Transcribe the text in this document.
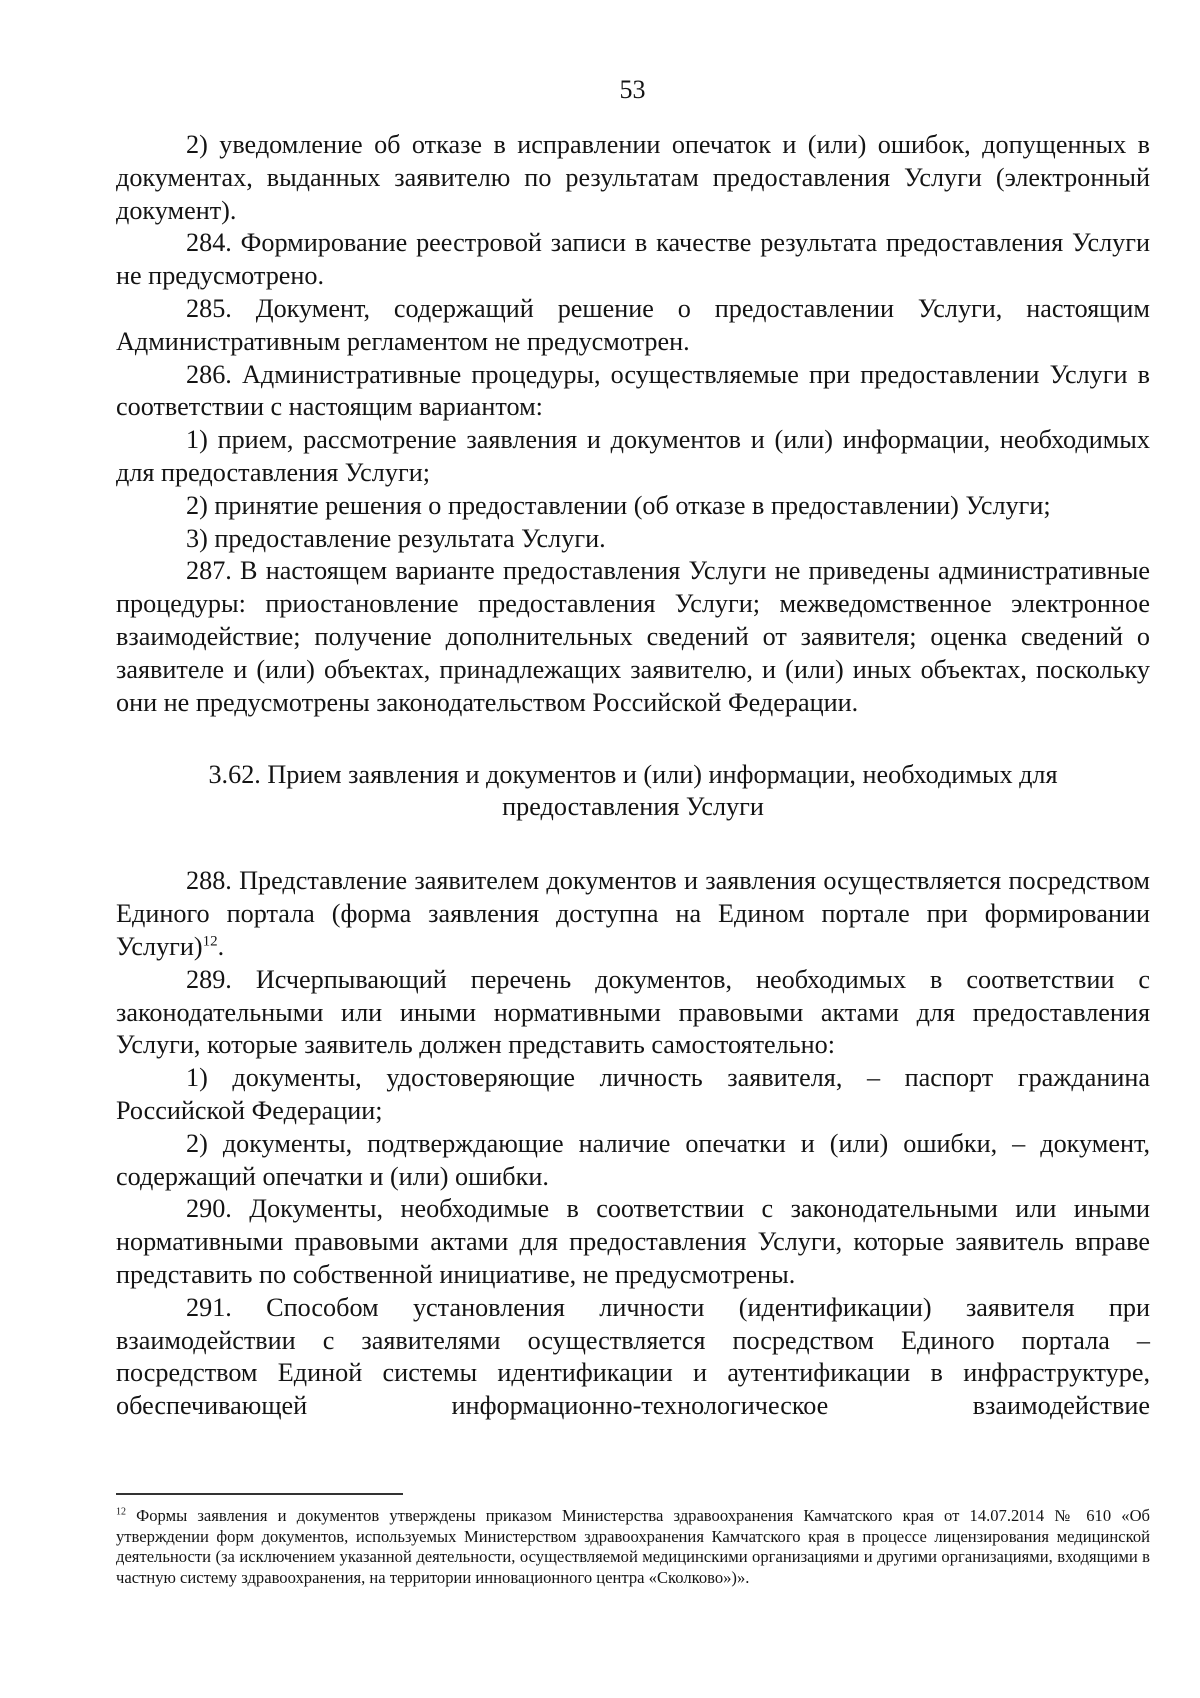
53

2) уведомление об отказе в исправлении опечаток и (или) ошибок, допущенных в документах, выданных заявителю по результатам предоставления Услуги (электронный документ).

284. Формирование реестровой записи в качестве результата предоставления Услуги не предусмотрено.

285. Документ, содержащий решение о предоставлении Услуги, настоящим Административным регламентом не предусмотрен.

286. Административные процедуры, осуществляемые при предоставлении Услуги в соответствии с настоящим вариантом:

1) прием, рассмотрение заявления и документов и (или) информации, необходимых для предоставления Услуги;

2) принятие решения о предоставлении (об отказе в предоставлении) Услуги;

3) предоставление результата Услуги.

287. В настоящем варианте предоставления Услуги не приведены административные процедуры: приостановление предоставления Услуги; межведомственное электронное взаимодействие; получение дополнительных сведений от заявителя; оценка сведений о заявителе и (или) объектах, принадлежащих заявителю, и (или) иных объектах, поскольку они не предусмотрены законодательством Российской Федерации.

3.62. Прием заявления и документов и (или) информации, необходимых для
предоставления Услуги

288. Представление заявителем документов и заявления осуществляется посредством Единого портала (форма заявления доступна на Едином портале при формировании Услуги)$^{12}$.

289. Исчерпывающий перечень документов, необходимых в соответствии с законодательными или иными нормативными правовыми актами для предоставления Услуги, которые заявитель должен представить самостоятельно:

1) документы, удостоверяющие личность заявителя, – паспорт гражданина Российской Федерации;

2) документы, подтверждающие наличие опечатки и (или) ошибки, – документ, содержащий опечатки и (или) ошибки.

290. Документы, необходимые в соответствии с законодательными или иными нормативными правовыми актами для предоставления Услуги, которые заявитель вправе представить по собственной инициативе, не предусмотрены.

291. Способом установления личности (идентификации) заявителя при взаимодействии с заявителями осуществляется посредством Единого портала – посредством Единой системы идентификации и аутентификации в инфраструктуре, обеспечивающей информационно-технологическое взаимодействие

$^{12}$ Формы заявления и документов утверждены приказом Министерства здравоохранения Камчатского края от 14.07.2014 № 610 «Об утверждении форм документов, используемых Министерством здравоохранения Камчатского края в процессе лицензирования медицинской деятельности (за исключением указанной деятельности, осуществляемой медицинскими организациями и другими организациями, входящими в частную систему здравоохранения, на территории инновационного центра «Сколково»)».
